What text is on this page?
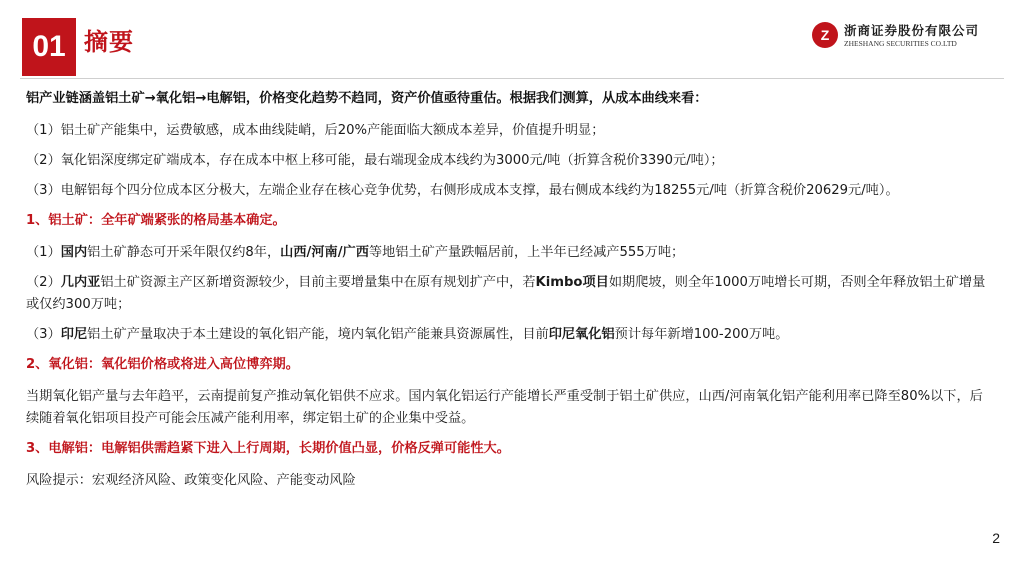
01 摘要	Z	浙商证券股份有限公司
ZHESHANG SECURITIES CO.LTD

铝产业链涵盖铝土矿→氧化铝→电解铝，价格变化趋势不趋同，资产价值亟待重估。根据我们测算，从成本曲线来看：

（1）铝土矿产能集中，运费敏感，成本曲线陡峭，后20%产能面临大额成本差异，价值提升明显；

（2）氧化铝深度绑定矿端成本，存在成本中枢上移可能，最右端现金成本线约为3000元/吨（折算含税价3390元/吨）；

（3）电解铝每个四分位成本区分极大，左端企业存在核心竞争优势，右侧形成成本支撑，最右侧成本线约为18255元/吨（折算含税价20629元/吨）。

1、铝土矿：全年矿端紧张的格局基本确定。

（1）国内铝土矿静态可开采年限仅约8年，山西/河南/广西等地铝土矿产量跌幅居前，上半年已经减产555万吨；

（2）几内亚铝土矿资源主产区新增资源较少，目前主要增量集中在原有规划扩产中，若Kimbo项目如期爬坡，则全年1000万吨增长可期，否则全年释放铝土矿增量或仅约300万吨；

（3）印尼铝土矿产量取决于本土建设的氧化铝产能，境内氧化铝产能兼具资源属性，目前印尼氧化铝预计每年新增100-200万吨。

2、氧化铝：氧化铝价格或将进入高位博弈期。

当期氧化铝产量与去年趋平，云南提前复产推动氧化铝供不应求。国内氧化铝运行产能增长严重受制于铝土矿供应，山西/河南氧化铝产能利用率已降至80%以下，后续随着氧化铝项目投产可能会压减产能利用率，绑定铝土矿的企业集中受益。

3、电解铝：电解铝供需趋紧下进入上行周期，长期价值凸显，价格反弹可能性大。

风险提示：宏观经济风险、政策变化风险、产能变动风险

2
